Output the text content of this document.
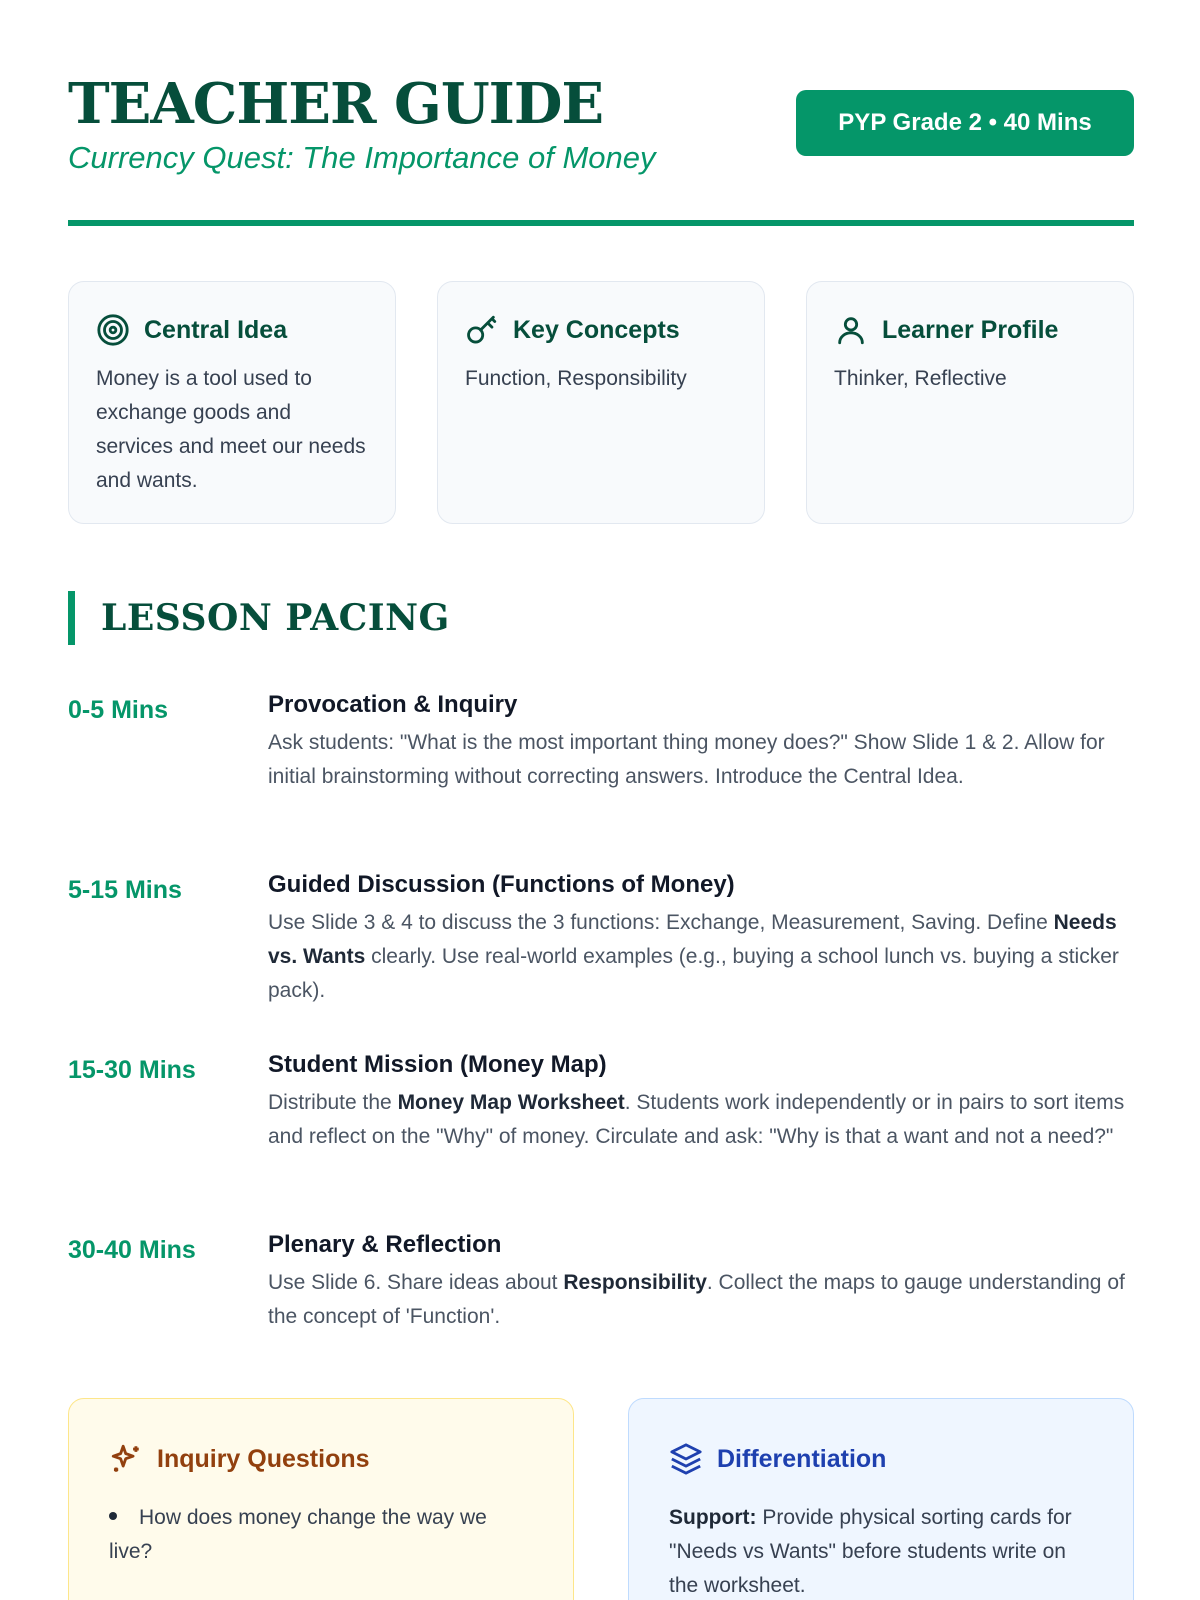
TEACHER GUIDE
Currency Quest: The Importance of Money
PYP Grade 2 • 40 Mins
Central Idea
Money is a tool used to exchange goods and services and meet our needs and wants.
Key Concepts
Function, Responsibility
Learner Profile
Thinker, Reflective
LESSON PACING
0-5 Mins	Provocation & Inquiry
Ask students: "What is the most important thing money does?" Show Slide 1 & 2. Allow for initial brainstorming without correcting answers. Introduce the Central Idea.
5-15 Mins	Guided Discussion (Functions of Money)
Use Slide 3 & 4 to discuss the 3 functions: Exchange, Measurement, Saving. Define Needs vs. Wants clearly. Use real-world examples (e.g., buying a school lunch vs. buying a sticker pack).
15-30 Mins	Student Mission (Money Map)
Distribute the Money Map Worksheet. Students work independently or in pairs to sort items and reflect on the "Why" of money. Circulate and ask: "Why is that a want and not a need?"
30-40 Mins	Plenary & Reflection
Use Slide 6. Share ideas about Responsibility. Collect the maps to gauge understanding of the concept of 'Function'.
Inquiry Questions
How does money change the way we live?
Differentiation
Support: Provide physical sorting cards for "Needs vs Wants" before students write on the worksheet.
